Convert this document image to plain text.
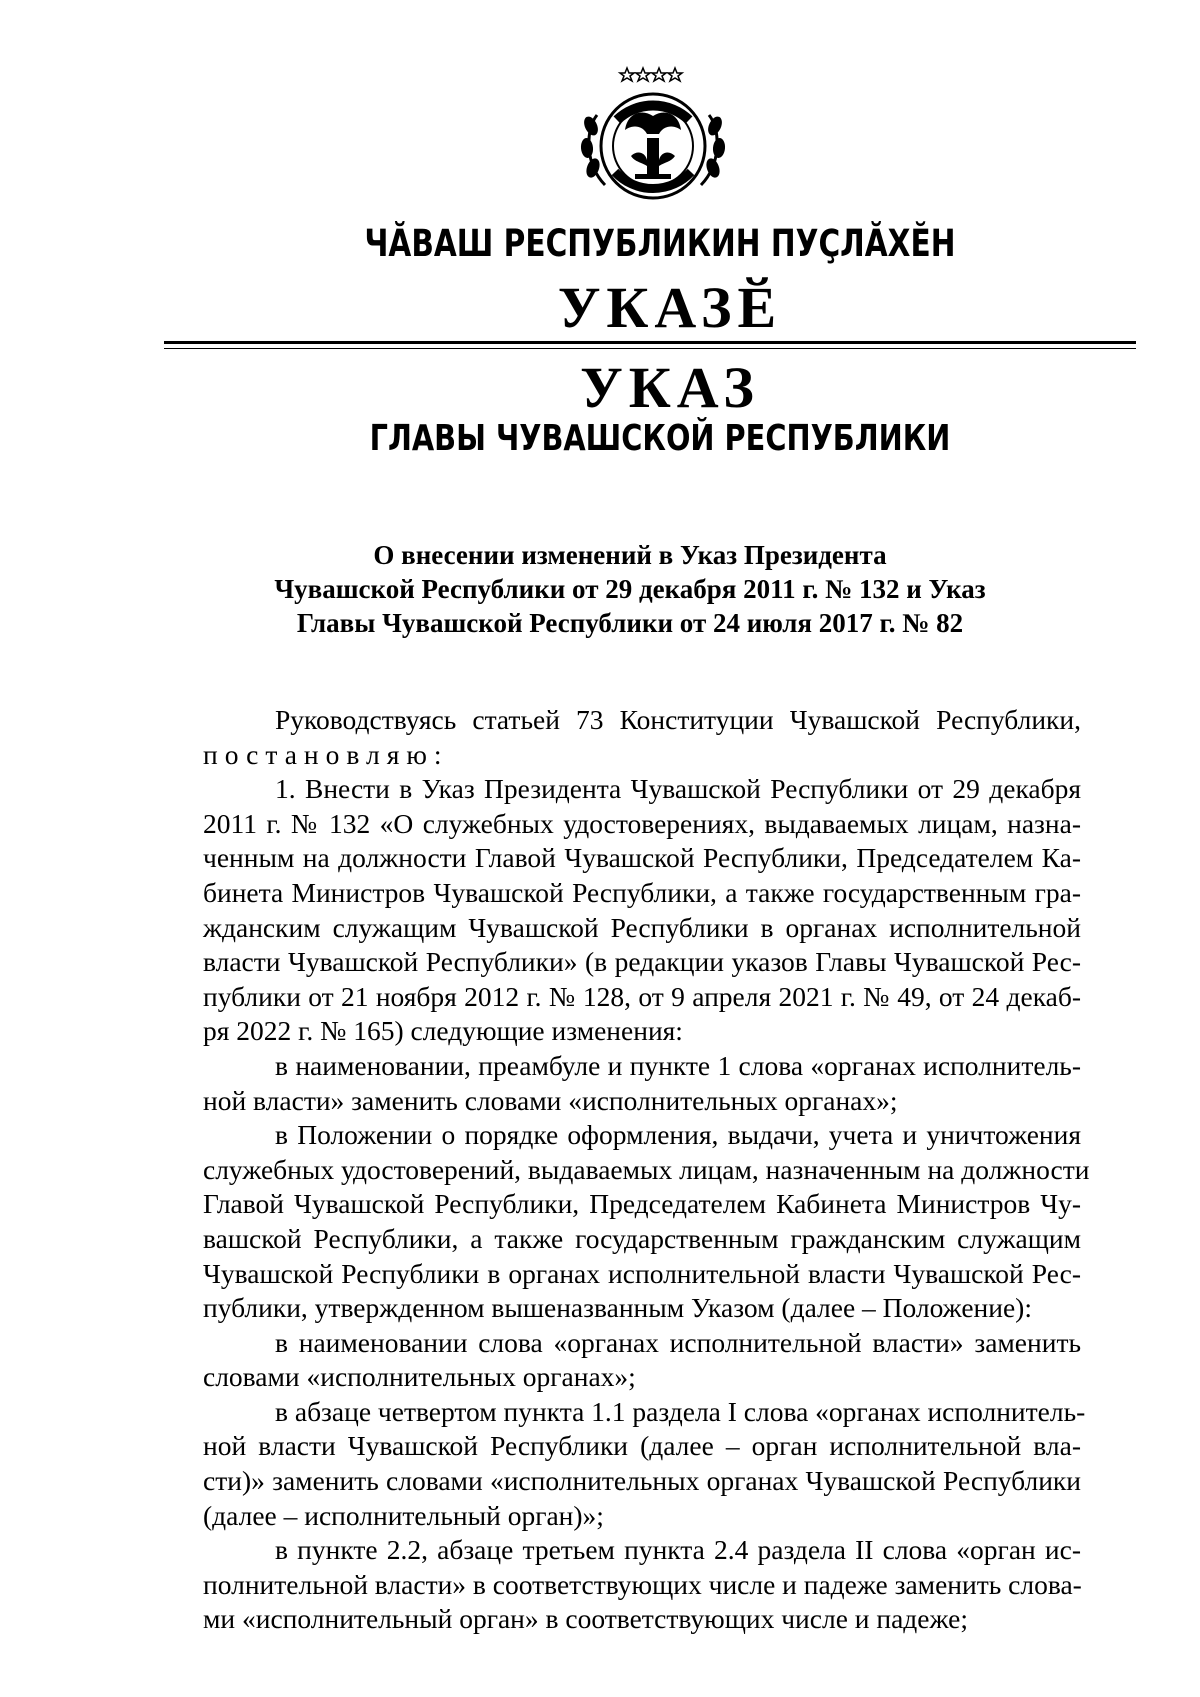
ЧӐВАШ РЕСПУБЛИКИН ПУҪЛӐХӖН
УКАЗӖ
УКАЗ
ГЛАВЫ ЧУВАШСКОЙ РЕСПУБЛИКИ
О внесении изменений в Указ Президента
Чувашской Республики от 29 декабря 2011 г. № 132 и Указ
Главы Чувашской Республики от 24 июля 2017 г. № 82
Руководствуясь статьей 73 Конституции Чувашской Республики,
постановляю:
1. Внести в Указ Президента Чувашской Республики от 29 декабря
2011 г. № 132 «О служебных удостоверениях, выдаваемых лицам, назна-
ченным на должности Главой Чувашской Республики, Председателем Ка-
бинета Министров Чувашской Республики, а также государственным гра-
жданским служащим Чувашской Республики в органах исполнительной
власти Чувашской Республики» (в редакции указов Главы Чувашской Рес-
публики от 21 ноября 2012 г. № 128, от 9 апреля 2021 г. № 49, от 24 декаб-
ря 2022 г. № 165) следующие изменения:
в наименовании, преамбуле и пункте 1 слова «органах исполнитель-
ной власти» заменить словами «исполнительных органах»;
в Положении о порядке оформления, выдачи, учета и уничтожения
служебных удостоверений, выдаваемых лицам, назначенным на должности
Главой Чувашской Республики, Председателем Кабинета Министров Чу-
вашской Республики, а также государственным гражданским служащим
Чувашской Республики в органах исполнительной власти Чувашской Рес-
публики, утвержденном вышеназванным Указом (далее – Положение):
в наименовании слова «органах исполнительной власти» заменить
словами «исполнительных органах»;
в абзаце четвертом пункта 1.1 раздела I слова «органах исполнитель-
ной власти Чувашской Республики (далее – орган исполнительной вла-
сти)» заменить словами «исполнительных органах Чувашской Республики
(далее – исполнительный орган)»;
в пункте 2.2, абзаце третьем пункта 2.4 раздела II слова «орган ис-
полнительной власти» в соответствующих числе и падеже заменить слова-
ми «исполнительный орган» в соответствующих числе и падеже;
